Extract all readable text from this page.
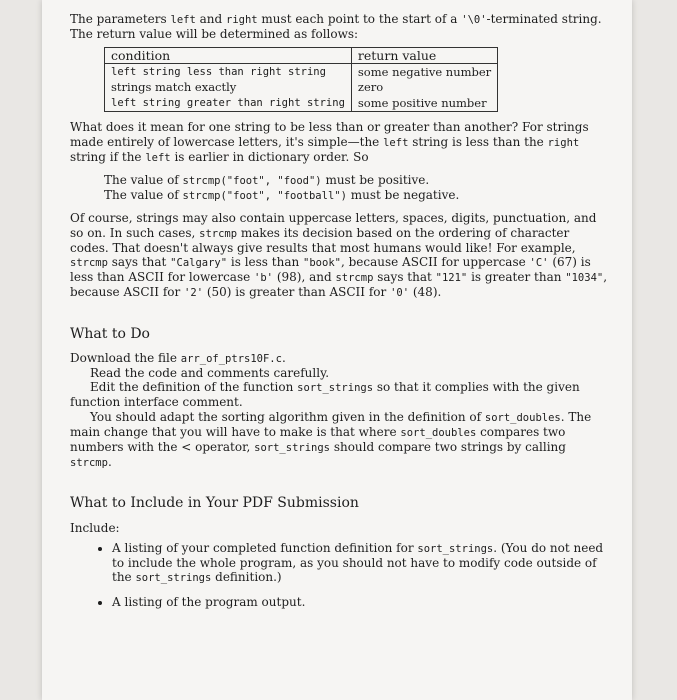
The parameters left and right must each point to the start of a '\0'-terminated string. The return value will be determined as follows:

condition	return value
left string less than right string	some negative number
strings match exactly	zero
left string greater than right string	some positive number

What does it mean for one string to be less than or greater than another? For strings made entirely of lowercase letters, it's simple—the left string is less than the right string if the left is earlier in dictionary order. So

The value of strcmp("foot", "food") must be positive.
The value of strcmp("foot", "football") must be negative.

Of course, strings may also contain uppercase letters, spaces, digits, punctuation, and so on. In such cases, strcmp makes its decision based on the ordering of character codes. That doesn't always give results that most humans would like! For example, strcmp says that "Calgary" is less than "book", because ASCII for uppercase 'C' (67) is less than ASCII for lowercase 'b' (98), and strcmp says that "121" is greater than "1034", because ASCII for '2' (50) is greater than ASCII for '0' (48).

What to Do

Download the file arr_of_ptrs10F.c.

Read the code and comments carefully.

Edit the definition of the function sort_strings so that it complies with the given function interface comment.

You should adapt the sorting algorithm given in the definition of sort_doubles. The main change that you will have to make is that where sort_doubles compares two numbers with the < operator, sort_strings should compare two strings by calling strcmp.

What to Include in Your PDF Submission

Include:

• A listing of your completed function definition for sort_strings. (You do not need to include the whole program, as you should not have to modify code outside of the sort_strings definition.)
• A listing of the program output.
